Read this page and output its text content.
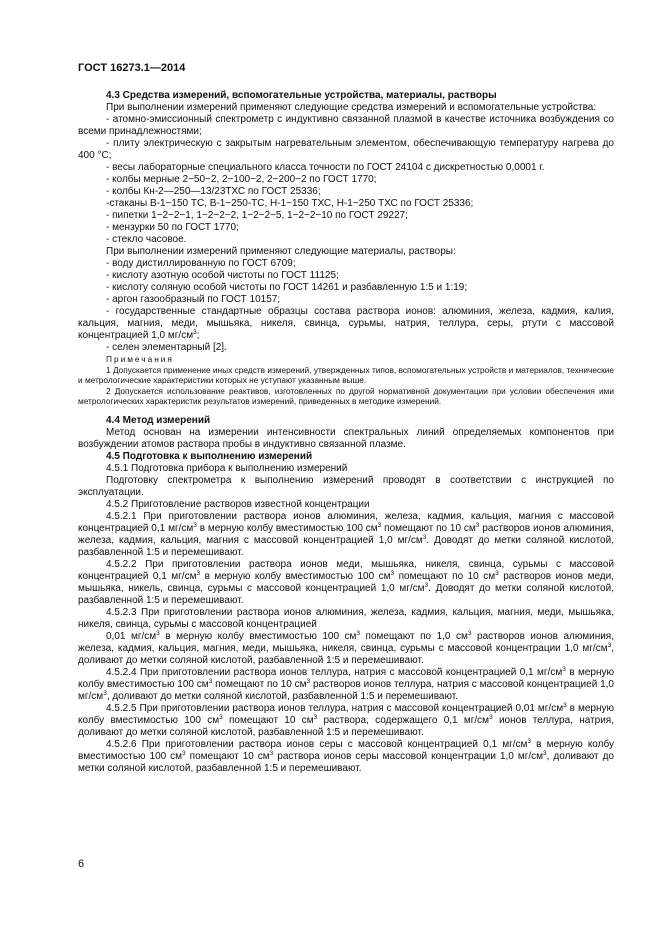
ГОСТ 16273.1—2014

4.3 Средства измерений, вспомогательные устройства, материалы, растворы

При выполнении измерений применяют следующие средства измерений и вспомогательные устройства:

- атомно-эмиссионный спектрометр с индуктивно связанной плазмой в качестве источника возбуждения со всеми принадлежностями;

- плиту электрическую с закрытым нагревательным элементом, обеспечивающую температуру нагрева до 400 °С;

- весы лабораторные специального класса точности по ГОСТ 24104 с дискретностью 0,0001 г.

- колбы мерные 2−50−2, 2−100−2, 2−200−2 по ГОСТ 1770;

- колбы Кн-2—250—13/23ТХС по ГОСТ 25336;

-стаканы В-1−150 ТС, В-1−250-ТС, Н-1−150 ТХС, Н-1−250 ТХС по ГОСТ 25336;

- пипетки 1−2−2−1, 1−2−2−2, 1−2−2−5, 1−2−2−10 по ГОСТ 29227;

- мензурки 50 по ГОСТ 1770;

- стекло часовое.

При выполнении измерений применяют следующие материалы, растворы:

- воду дистиллированную по ГОСТ 6709;

- кислоту азотную особой чистоты по ГОСТ 11125;

- кислоту соляную особой чистоты по ГОСТ 14261 и разбавленную 1:5 и 1:19;

- аргон газообразный по ГОСТ 10157;

- государственные стандартные образцы состава раствора ионов: алюминия, железа, кадмия, калия, кальция, магния, меди, мышьяка, никеля, свинца, сурьмы, натрия, теллура, серы, ртути с массовой концентрацией 1,0 $мг/см^3$;

- селен элементарный [2].

Примечания

1 Допускается применение иных средств измерений, утвержденных типов, вспомогательных устройств и материалов, технические и метрологические характеристики которых не уступают указанным выше.

2 Допускается использование реактивов, изготовленных по другой нормативной документации при условии обеспечения ими метрологических характеристик результатов измерений, приведенных в методике измерений.

4.4 Метод измерений

Метод основан на измерении интенсивности спектральных линий определяемых компонентов при возбуждении атомов раствора пробы в индуктивно связанной плазме.

4.5 Подготовка к выполнению измерений

4.5.1 Подготовка прибора к выполнению измерений

Подготовку спектрометра к выполнению измерений проводят в соответствии с инструкцией по эксплуатации.

4.5.2 Приготовление растворов известной концентрации

4.5.2.1 При приготовлении раствора ионов алюминия, железа, кадмия, кальция, магния с массовой концентрацией 0,1 $мг/см^3$ в мерную колбу вместимостью 100 $см^3$ помещают по 10 $см^3$ растворов ионов алюминия, железа, кадмия, кальция, магния с массовой концентрацией 1,0 $мг/см^3$. Доводят до метки соляной кислотой, разбавленной 1:5 и перемешивают.

4.5.2.2 При приготовлении раствора ионов меди, мышьяка, никеля, свинца, сурьмы с массовой концентрацией 0,1 $мг/см^3$ в мерную колбу вместимостью 100 $см^3$ помещают по 10 $см^3$ растворов ионов меди, мышьяка, никель, свинца, сурьмы с массовой концентрацией 1,0 $мг/см^3$. Доводят до метки соляной кислотой, разбавленной 1:5 и перемешивают.

4.5.2.3 При приготовлении раствора ионов алюминия, железа, кадмия, кальция, магния, меди, мышьяка, никеля, свинца, сурьмы с массовой концентрацией

0,01 $мг/см^3$ в мерную колбу вместимостью 100 $см^3$ помещают по 1,0 $см^3$ растворов ионов алюминия, железа, кадмия, кальция, магния, меди, мышьяка, никеля, свинца, сурьмы с массовой концентрации 1,0 $мг/см^3$, доливают до метки соляной кислотой, разбавленной 1:5 и перемешивают.

4.5.2.4 При приготовлении раствора ионов теллура, натрия с массовой концентрацией 0,1 $мг/см^3$ в мерную колбу вместимостью 100 $см^3$ помещают по 10 $см^3$ растворов ионов теллура, натрия с массовой концентрацией 1,0 $мг/см^3$, доливают до метки соляной кислотой, разбавленной 1:5 и перемешивают.

4.5.2.5 При приготовлении раствора ионов теллура, натрия с массовой концентрацией 0,01 $мг/см^3$ в мерную колбу вместимостью 100 $см^3$ помещают 10 $см^3$ раствора, содержащего 0,1 $мг/см^3$ ионов теллура, натрия, доливают до метки соляной кислотой, разбавленной 1:5 и перемешивают.

4.5.2.6 При приготовлении раствора ионов серы с массовой концентрацией 0,1 $мг/см^3$ в мерную колбу вместимостью 100 $см^3$ помещают 10 $см^3$ раствора ионов серы массовой концентрации 1,0 $мг/см^3$, доливают до метки соляной кислотой, разбавленной 1:5 и перемешивают.

6
